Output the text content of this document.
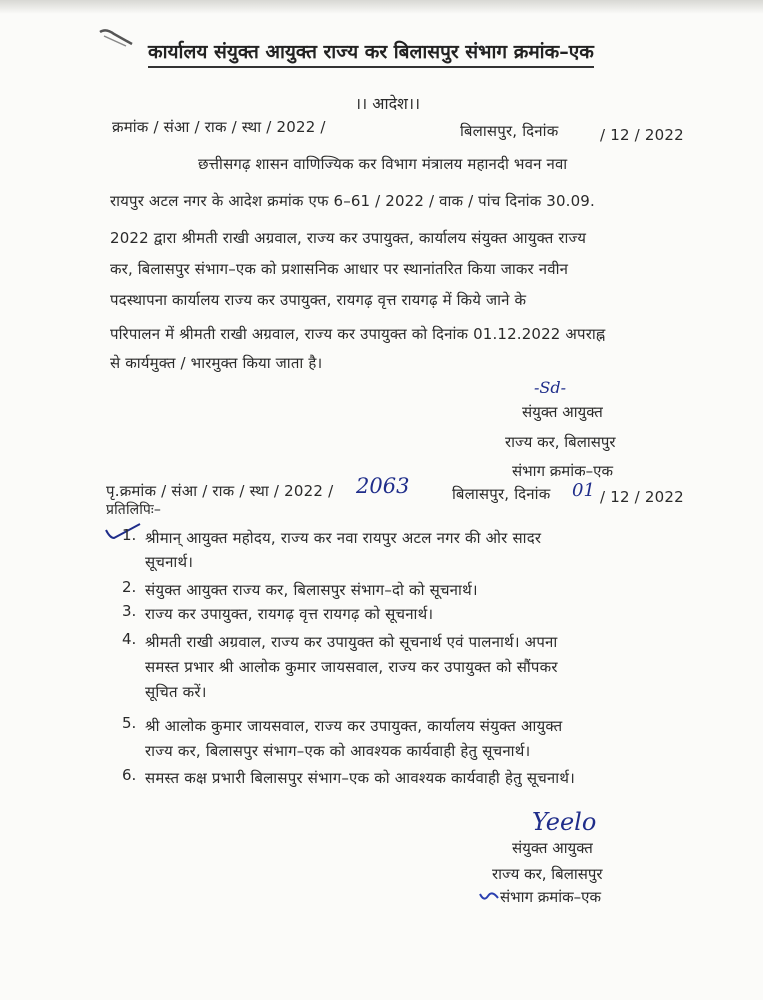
कार्यालय संयुक्त आयुक्त राज्य कर बिलासपुर संभाग क्रमांक–एक
।। आदेश।।
क्रमांक / संआ / राक / स्था / 2022 /	बिलासपुर, दिनांक	/ 12 / 2022
छत्तीसगढ़ शासन वाणिज्यिक कर विभाग मंत्रालय महानदी भवन नवा
रायपुर अटल नगर के आदेश क्रमांक एफ 6–61 / 2022 / वाक / पांच दिनांक 30.09.
2022 द्वारा श्रीमती राखी अग्रवाल, राज्य कर उपायुक्त, कार्यालय संयुक्त आयुक्त राज्य
कर, बिलासपुर संभाग–एक को प्रशासनिक आधार पर स्थानांतरित किया जाकर नवीन
पदस्थापना कार्यालय राज्य कर उपायुक्त, रायगढ़ वृत्त रायगढ़ में किये जाने के
परिपालन में श्रीमती राखी अग्रवाल, राज्य कर उपायुक्त को दिनांक 01.12.2022 अपराह्न
से कार्यमुक्त / भारमुक्त किया जाता है।
-Sd-
संयुक्त आयुक्त
राज्य कर, बिलासपुर
संभाग क्रमांक–एक
पृ.क्रमांक / संआ / राक / स्था / 2022 / 2063	बिलासपुर, दिनांक 01 / 12 / 2022
प्रतिलिपिः–
1. श्रीमान् आयुक्त महोदय, राज्य कर नवा रायपुर अटल नगर की ओर सादर
सूचनार्थ।
2. संयुक्त आयुक्त राज्य कर, बिलासपुर संभाग–दो को सूचनार्थ।
3. राज्य कर उपायुक्त, रायगढ़ वृत्त रायगढ़ को सूचनार्थ।
4. श्रीमती राखी अग्रवाल, राज्य कर उपायुक्त को सूचनार्थ एवं पालनार्थ। अपना
समस्त प्रभार श्री आलोक कुमार जायसवाल, राज्य कर उपायुक्त को सौंपकर
सूचित करें।
5. श्री आलोक कुमार जायसवाल, राज्य कर उपायुक्त, कार्यालय संयुक्त आयुक्त
राज्य कर, बिलासपुर संभाग–एक को आवश्यक कार्यवाही हेतु सूचनार्थ।
6. समस्त कक्ष प्रभारी बिलासपुर संभाग–एक को आवश्यक कार्यवाही हेतु सूचनार्थ।
Yeelo
संयुक्त आयुक्त
राज्य कर, बिलासपुर
संभाग क्रमांक–एक
